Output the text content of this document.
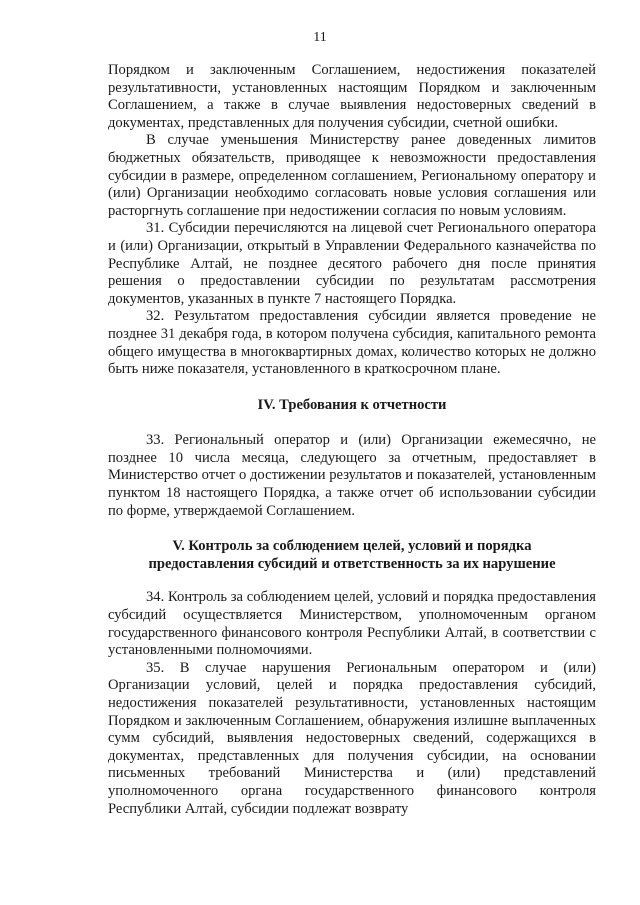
11

Порядком и заключенным Соглашением, недостижения показателей результативности, установленных настоящим Порядком и заключенным Соглашением, а также в случае выявления недостоверных сведений в документах, представленных для получения субсидии, счетной ошибки.

В случае уменьшения Министерству ранее доведенных лимитов бюджетных обязательств, приводящее к невозможности предоставления субсидии в размере, определенном соглашением, Региональному оператору и (или) Организации необходимо согласовать новые условия соглашения или расторгнуть соглашение при недостижении согласия по новым условиям.

31. Субсидии перечисляются на лицевой счет Регионального оператора и (или) Организации, открытый в Управлении Федерального казначейства по Республике Алтай, не позднее десятого рабочего дня после принятия решения о предоставлении субсидии по результатам рассмотрения документов, указанных в пункте 7 настоящего Порядка.

32. Результатом предоставления субсидии является проведение не позднее 31 декабря года, в котором получена субсидия, капитального ремонта общего имущества в многоквартирных домах, количество которых не должно быть ниже показателя, установленного в краткосрочном плане.

IV. Требования к отчетности

33. Региональный оператор и (или) Организации ежемесячно, не позднее 10 числа месяца, следующего за отчетным, предоставляет в Министерство отчет о достижении результатов и показателей, установленным пунктом 18 настоящего Порядка, а также отчет об использовании субсидии по форме, утверждаемой Соглашением.

V. Контроль за соблюдением целей, условий и порядка
предоставления субсидий и ответственность за их нарушение

34. Контроль за соблюдением целей, условий и порядка предоставления субсидий осуществляется Министерством, уполномоченным органом государственного финансового контроля Республики Алтай, в соответствии с установленными полномочиями.

35. В случае нарушения Региональным оператором и (или) Организации условий, целей и порядка предоставления субсидий, недостижения показателей результативности, установленных настоящим Порядком и заключенным Соглашением, обнаружения излишне выплаченных сумм субсидий, выявления недостоверных сведений, содержащихся в документах, представленных для получения субсидии, на основании письменных требований Министерства и (или) представлений уполномоченного органа государственного финансового контроля Республики Алтай, субсидии подлежат возврату
